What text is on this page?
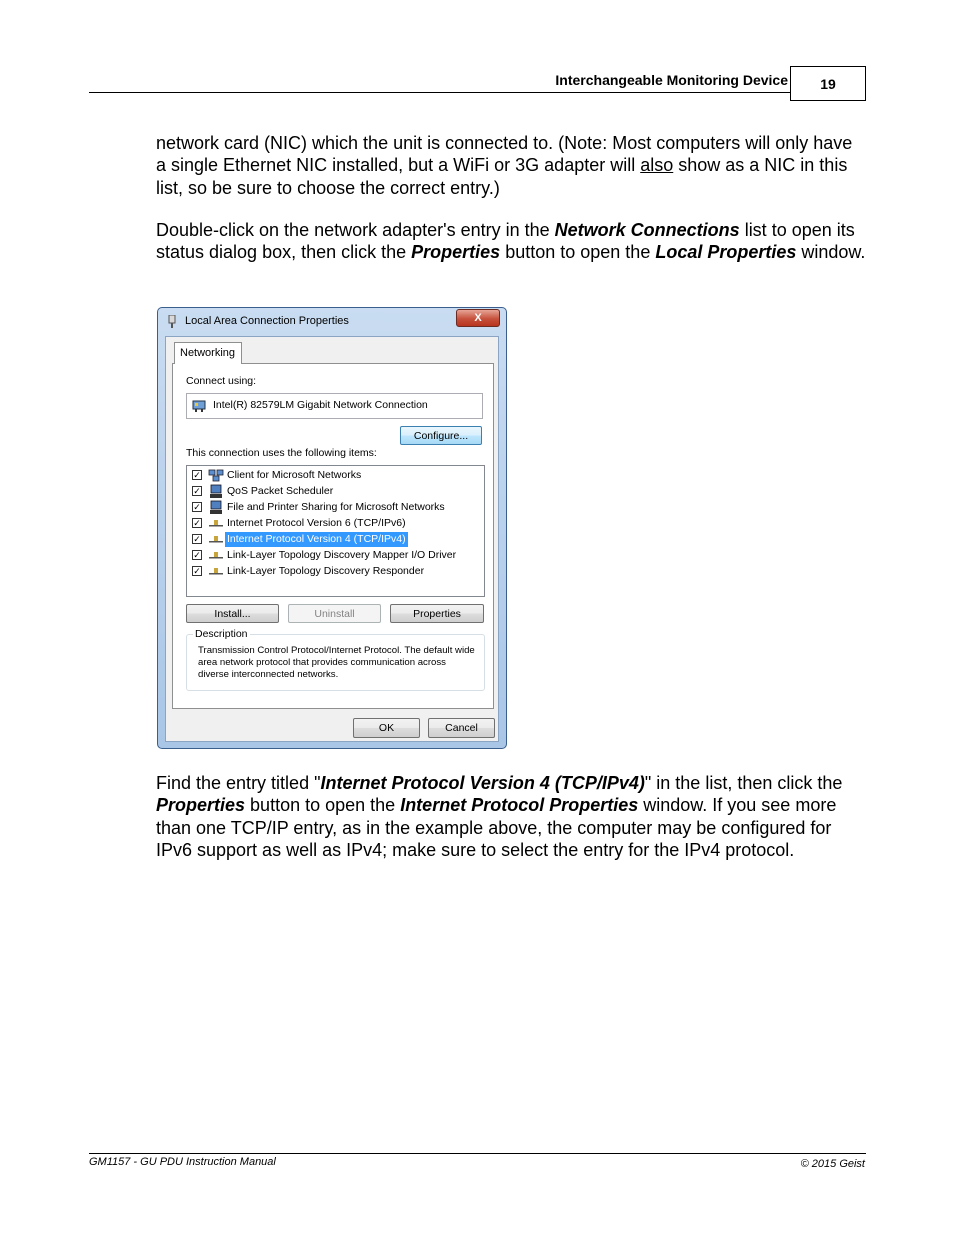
Interchangeable Monitoring Device 19

network card (NIC) which the unit is connected to. (Note: Most computers will only have a single Ethernet NIC installed, but a WiFi or 3G adapter will also show as a NIC in this list, so be sure to choose the correct entry.)

Double-click on the network adapter's entry in the Network Connections list to open its status dialog box, then click the Properties button to open the Local Properties window.

Local Area Connection Properties	X
Networking
Connect using:
Intel(R) 82579LM Gigabit Network Connection
Configure...
This connection uses the following items:
✓ Client for Microsoft Networks
✓ QoS Packet Scheduler
✓ File and Printer Sharing for Microsoft Networks
✓ Internet Protocol Version 6 (TCP/IPv6)
✓ Internet Protocol Version 4 (TCP/IPv4)
✓ Link-Layer Topology Discovery Mapper I/O Driver
✓ Link-Layer Topology Discovery Responder
Install...	Uninstall	Properties
Description
Transmission Control Protocol/Internet Protocol. The default wide area network protocol that provides communication across diverse interconnected networks.
OK	Cancel

Find the entry titled "Internet Protocol Version 4 (TCP/IPv4)" in the list, then click the Properties button to open the Internet Protocol Properties window. If you see more than one TCP/IP entry, as in the example above, the computer may be configured for IPv6 support as well as IPv4; make sure to select the entry for the IPv4 protocol.

GM1157 - GU PDU Instruction Manual	© 2015 Geist
